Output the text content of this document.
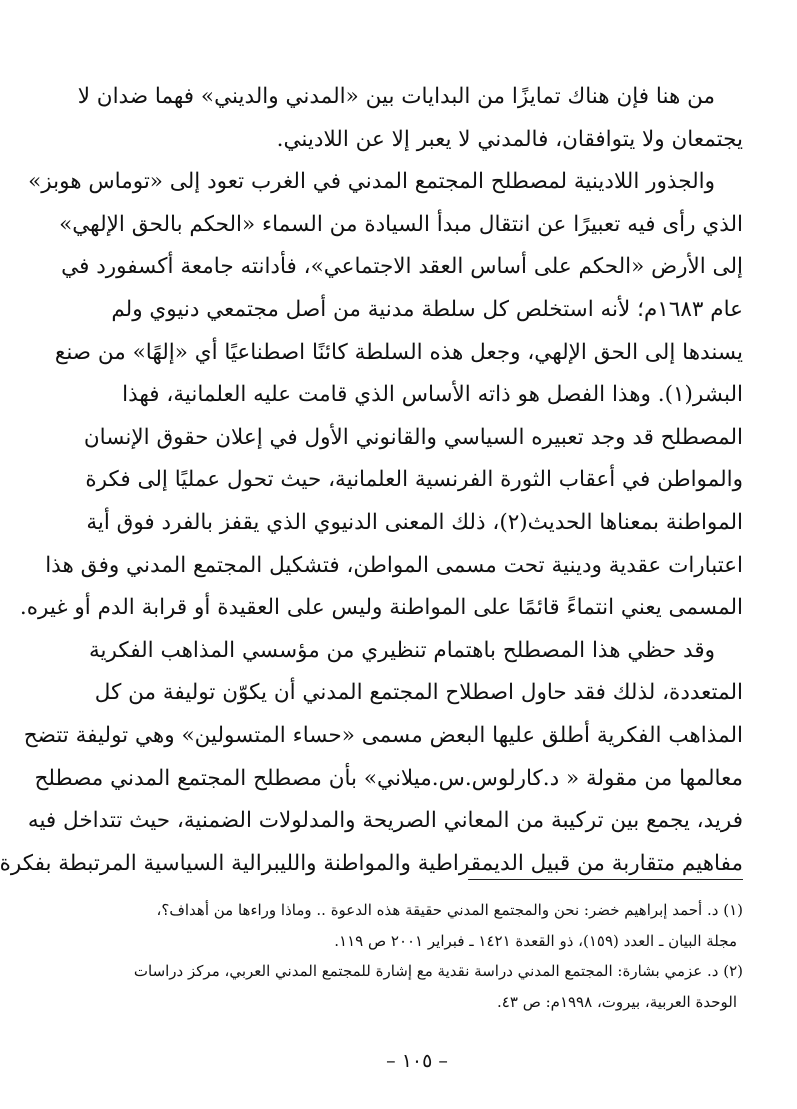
من هنا فإن هناك تمايزًا من البدايات بين «المدني والديني» فهما ضدان لا
يجتمعان ولا يتوافقان، فالمدني لا يعبر إلا عن اللاديني.
والجذور اللادينية لمصطلح المجتمع المدني في الغرب تعود إلى «توماس هوبز»
الذي رأى فيه تعبيرًا عن انتقال مبدأ السيادة من السماء «الحكم بالحق الإلهي»
إلى الأرض «الحكم على أساس العقد الاجتماعي»، فأدانته جامعة أكسفورد في
عام ١٦٨٣م؛ لأنه استخلص كل سلطة مدنية من أصل مجتمعي دنيوي ولم
يسندها إلى الحق الإلهي، وجعل هذه السلطة كائنًا اصطناعيًا أي «إلهًا» من صنع
البشر(١). وهذا الفصل هو ذاته الأساس الذي قامت عليه العلمانية، فهذا
المصطلح قد وجد تعبيره السياسي والقانوني الأول في إعلان حقوق الإنسان
والمواطن في أعقاب الثورة الفرنسية العلمانية، حيث تحول عمليًا إلى فكرة
المواطنة بمعناها الحديث(٢)، ذلك المعنى الدنيوي الذي يقفز بالفرد فوق أية
اعتبارات عقدية ودينية تحت مسمى المواطن، فتشكيل المجتمع المدني وفق هذا
المسمى يعني انتماءً قائمًا على المواطنة وليس على العقيدة أو قرابة الدم أو غيره.
وقد حظي هذا المصطلح باهتمام تنظيري من مؤسسي المذاهب الفكرية
المتعددة، لذلك فقد حاول اصطلاح المجتمع المدني أن يكوّن توليفة من كل
المذاهب الفكرية أطلق عليها البعض مسمى «حساء المتسولين» وهي توليفة تتضح
معالمها من مقولة « د.كارلوس.س.ميلاني» بأن مصطلح المجتمع المدني مصطلح
فريد، يجمع بين تركيبة من المعاني الصريحة والمدلولات الضمنية، حيث تتداخل فيه
مفاهيم متقاربة من قبيل الديمقراطية والمواطنة والليبرالية السياسية المرتبطة بفكرة
(١) د. أحمد إبراهيم خضر: نحن والمجتمع المدني حقيقة هذه الدعوة .. وماذا وراءها من أهداف؟،
مجلة البيان ـ العدد (١٥٩)، ذو القعدة ١٤٢١ ـ فبراير ٢٠٠١ ص ١١٩.
(٢) د. عزمي بشارة: المجتمع المدني دراسة نقدية مع إشارة للمجتمع المدني العربي، مركز دراسات
الوحدة العربية، بيروت، ١٩٩٨م: ص ٤٣.
– ١٠٥ –
